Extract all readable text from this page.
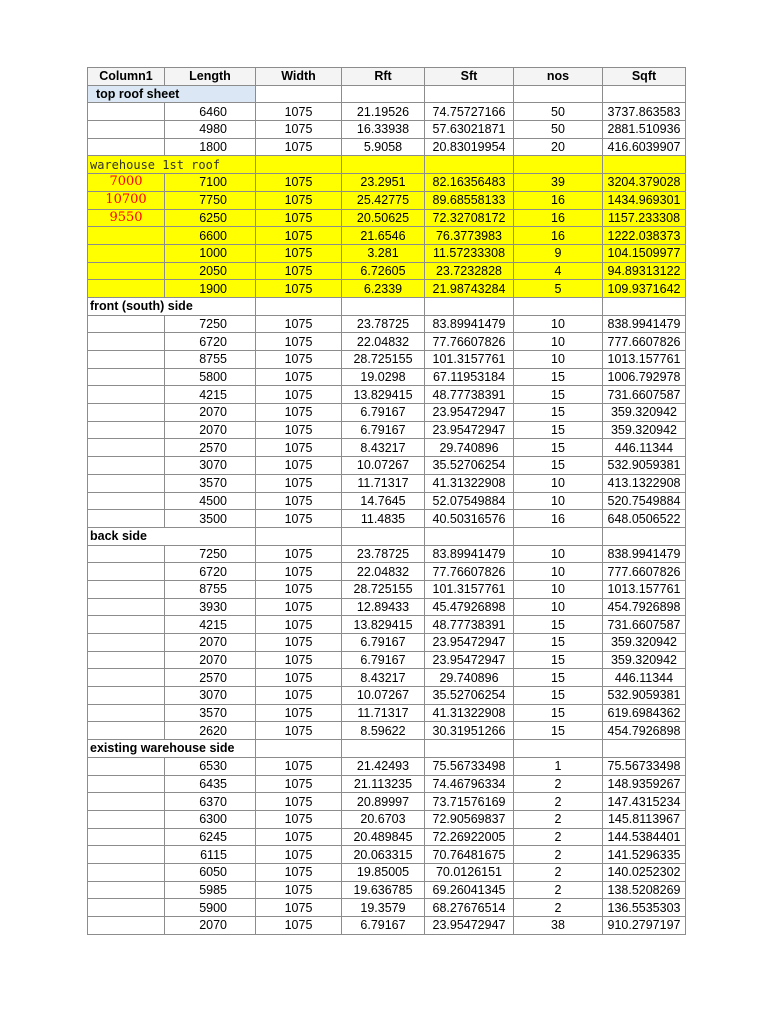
Column1	Length	Width	Rft	Sft	nos	Sqft
top roof sheet						
	6460	1075	21.19526	74.75727166	50	3737.863583
	4980	1075	16.33938	57.63021871	50	2881.510936
	1800	1075	5.9058	20.83019954	20	416.6039907
warehouse 1st roof						
7000	7100	1075	23.2951	82.16356483	39	3204.379028
10700	7750	1075	25.42775	89.68558133	16	1434.969301
9550	6250	1075	20.50625	72.32708172	16	1157.233308
	6600	1075	21.6546	76.3773983	16	1222.038373
	1000	1075	3.281	11.57233308	9	104.1509977
	2050	1075	6.72605	23.7232828	4	94.89313122
	1900	1075	6.2339	21.98743284	5	109.9371642
front (south) side						
	7250	1075	23.78725	83.89941479	10	838.9941479
	6720	1075	22.04832	77.76607826	10	777.6607826
	8755	1075	28.725155	101.3157761	10	1013.157761
	5800	1075	19.0298	67.11953184	15	1006.792978
	4215	1075	13.829415	48.77738391	15	731.6607587
	2070	1075	6.79167	23.95472947	15	359.320942
	2070	1075	6.79167	23.95472947	15	359.320942
	2570	1075	8.43217	29.740896	15	446.11344
	3070	1075	10.07267	35.52706254	15	532.9059381
	3570	1075	11.71317	41.31322908	10	413.1322908
	4500	1075	14.7645	52.07549884	10	520.7549884
	3500	1075	11.4835	40.50316576	16	648.0506522
back side						
	7250	1075	23.78725	83.89941479	10	838.9941479
	6720	1075	22.04832	77.76607826	10	777.6607826
	8755	1075	28.725155	101.3157761	10	1013.157761
	3930	1075	12.89433	45.47926898	10	454.7926898
	4215	1075	13.829415	48.77738391	15	731.6607587
	2070	1075	6.79167	23.95472947	15	359.320942
	2070	1075	6.79167	23.95472947	15	359.320942
	2570	1075	8.43217	29.740896	15	446.11344
	3070	1075	10.07267	35.52706254	15	532.9059381
	3570	1075	11.71317	41.31322908	15	619.6984362
	2620	1075	8.59622	30.31951266	15	454.7926898
existing warehouse side						
	6530	1075	21.42493	75.56733498	1	75.56733498
	6435	1075	21.113235	74.46796334	2	148.9359267
	6370	1075	20.89997	73.71576169	2	147.4315234
	6300	1075	20.6703	72.90569837	2	145.8113967
	6245	1075	20.489845	72.26922005	2	144.5384401
	6115	1075	20.063315	70.76481675	2	141.5296335
	6050	1075	19.85005	70.0126151	2	140.0252302
	5985	1075	19.636785	69.26041345	2	138.5208269
	5900	1075	19.3579	68.27676514	2	136.5535303
	2070	1075	6.79167	23.95472947	38	910.2797197
